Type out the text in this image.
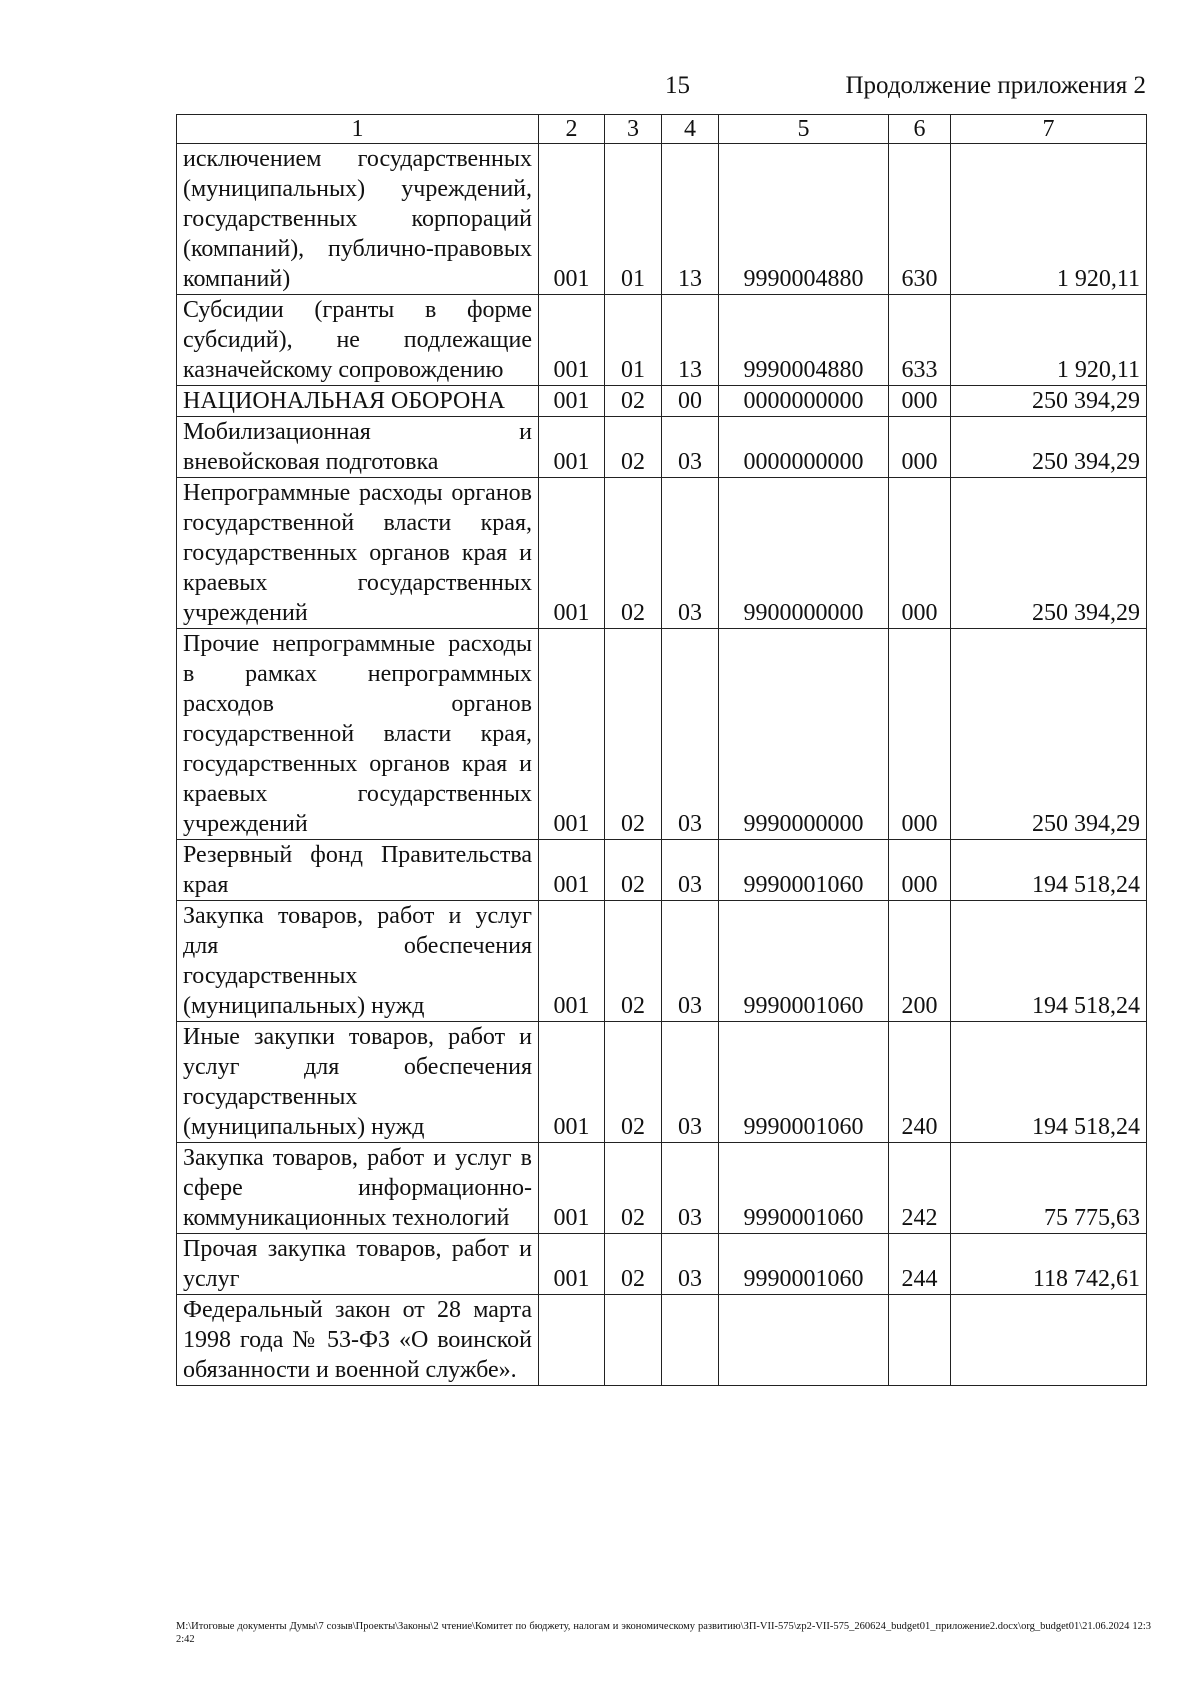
15	Продолжение приложения 2
1	2	3	4	5	6	7
исключением государственных (муниципальных) учреждений, государственных корпораций (компаний), публично-правовых компаний)	001	01	13	9990004880	630	1 920,11
Субсидии (гранты в форме субсидий), не подлежащие казначейскому сопровождению	001	01	13	9990004880	633	1 920,11
НАЦИОНАЛЬНАЯ ОБОРОНА	001	02	00	0000000000	000	250 394,29
Мобилизационная и вневойсковая подготовка	001	02	03	0000000000	000	250 394,29
Непрограммные расходы органов государственной власти края, государственных органов края и краевых государственных учреждений	001	02	03	9900000000	000	250 394,29
Прочие непрограммные расходы в рамках непрограммных расходов органов государственной власти края, государственных органов края и краевых государственных учреждений	001	02	03	9990000000	000	250 394,29
Резервный фонд Правительства края	001	02	03	9990001060	000	194 518,24
Закупка товаров, работ и услуг для обеспечения государственных (муниципальных) нужд	001	02	03	9990001060	200	194 518,24
Иные закупки товаров, работ и услуг для обеспечения государственных (муниципальных) нужд	001	02	03	9990001060	240	194 518,24
Закупка товаров, работ и услуг в сфере информационно-коммуникационных технологий	001	02	03	9990001060	242	75 775,63
Прочая закупка товаров, работ и услуг	001	02	03	9990001060	244	118 742,61
Федеральный закон от 28 марта 1998 года № 53-ФЗ «О воинской обязанности и военной службе».						
М:\Итоговые документы Думы\7 созыв\Проекты\Законы\2 чтение\Комитет по бюджету, налогам и экономическому развитию\ЗП-VII-575\zp2-VII-575_260624_budget01_приложение2.docx\org_budget01\21.06.2024 12:32:42
